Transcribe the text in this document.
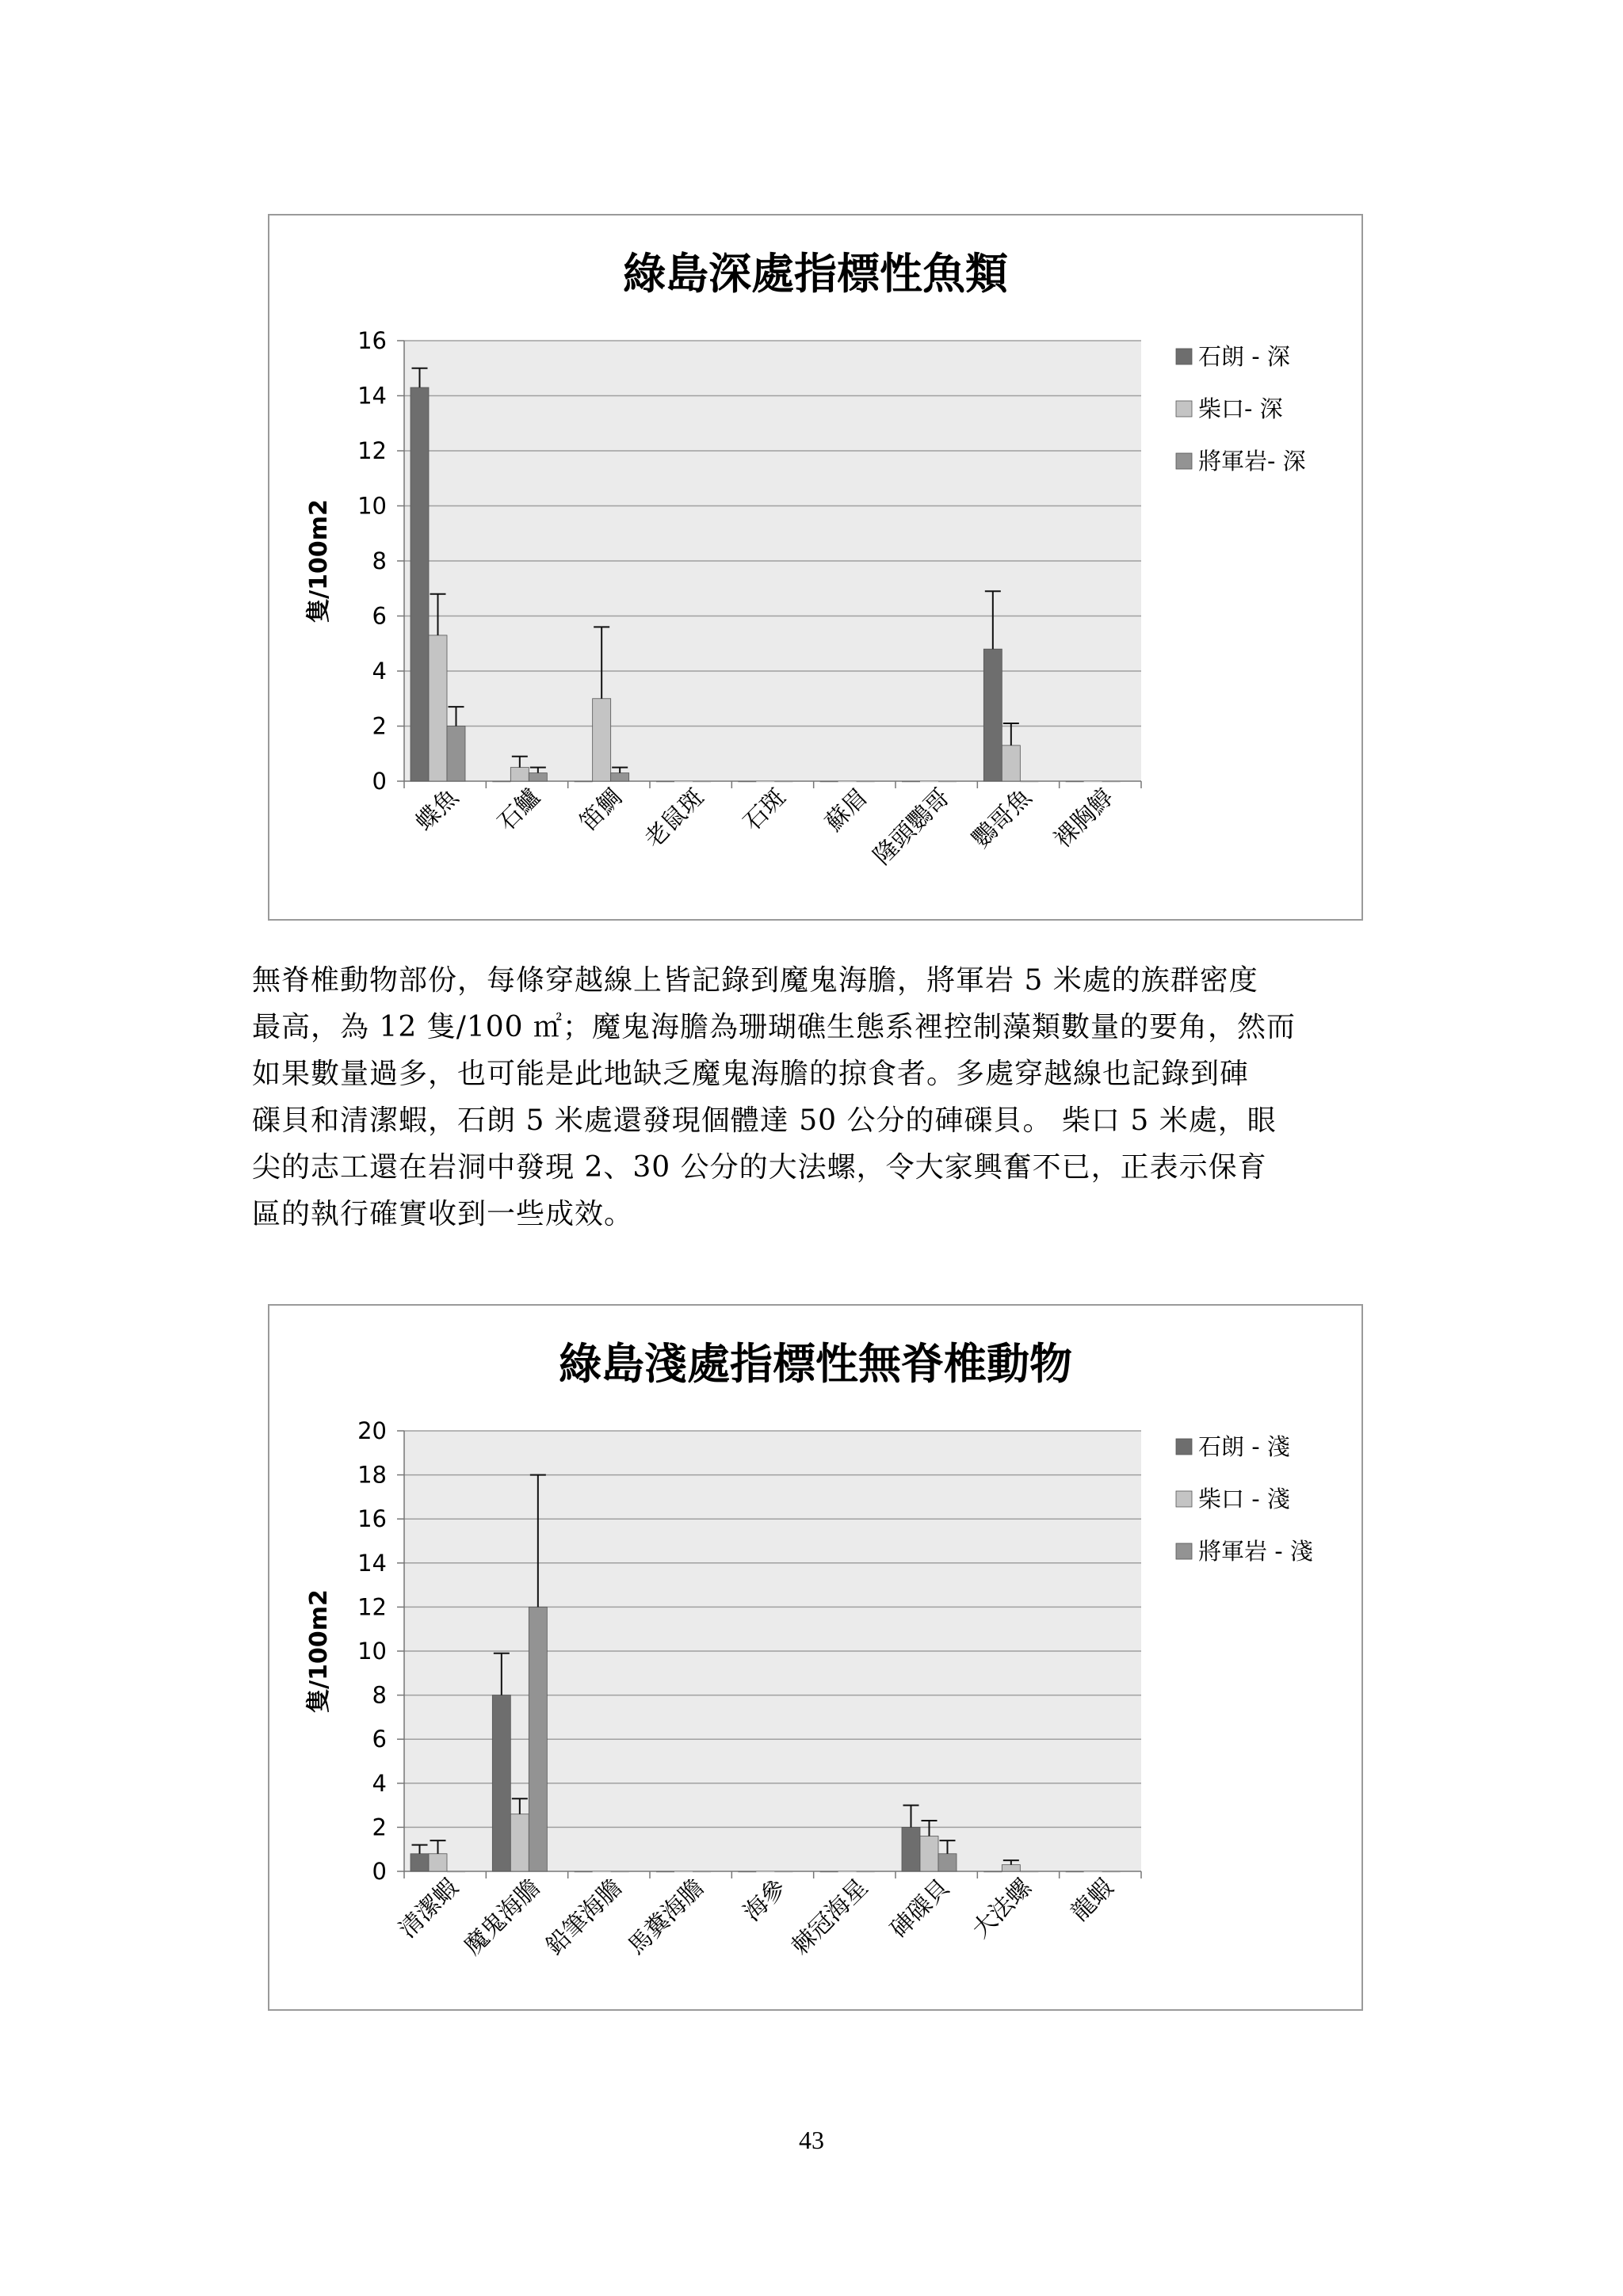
綠島深處指標性魚類
0
2
4
6
8
10
12
14
16
隻/100m2
蝶魚 石鱸 笛鯛 老鼠斑 石斑 蘇眉
隆頭鸚哥 鸚哥魚 裸胸鯙
石朗 - 深
柴口- 深
將軍岩- 深
無脊椎動物部份，每條穿越線上皆記錄到魔鬼海膽，將軍岩 5 米處的族群密度
最高，為 12 隻/100 ㎡；魔鬼海膽為珊瑚礁生態系裡控制藻類數量的要角，然而
如果數量過多，也可能是此地缺乏魔鬼海膽的掠食者。多處穿越線也記錄到硨
磲貝和清潔蝦，石朗 5 米處還發現個體達 50 公分的硨磲貝。 柴口 5 米處，眼
尖的志工還在岩洞中發現 2、30 公分的大法螺，令大家興奮不已，正表示保育
區的執行確實收到一些成效。
綠島淺處指標性無脊椎動物
0
2
4
6
8
10
12
14
16
18
20
隻/100m2
清潔蝦
魔鬼海膽
鉛筆海膽
馬糞海膽 海參
棘冠海星 硨磲貝 大法螺 龍蝦
石朗 - 淺
柴口 - 淺
將軍岩 - 淺
43
